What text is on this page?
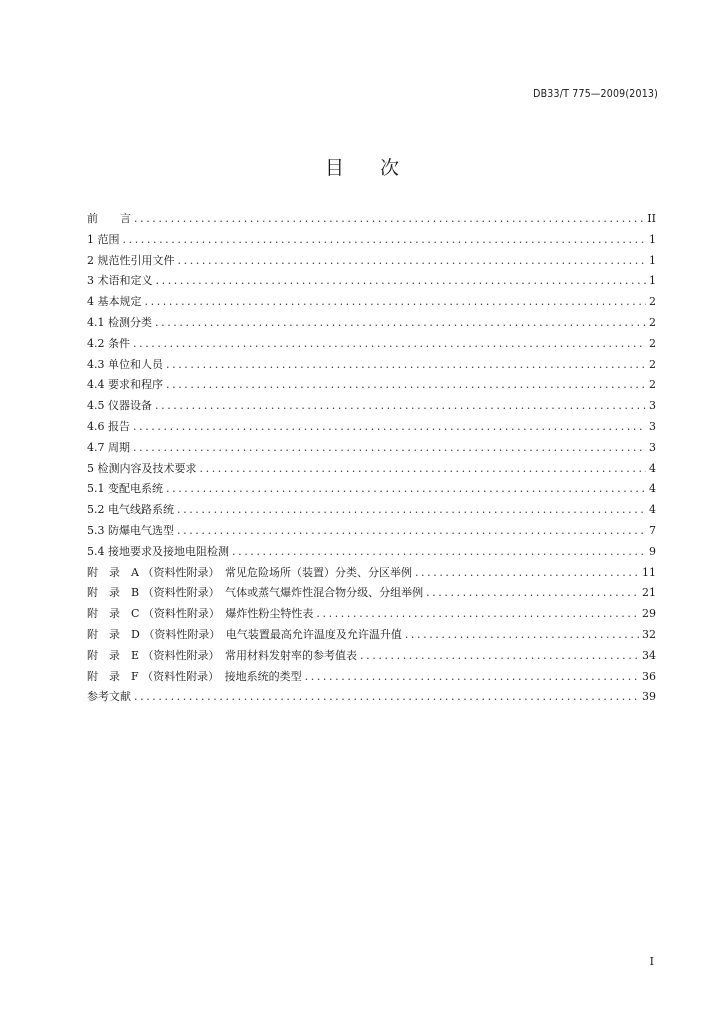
DB33/T 775—2009(2013)
目 次
前　　言 .....	II
1 范围 .....	1
2 规范性引用文件 .....	1
3 术语和定义 .....	1
4 基本规定 .....	2
4.1 检测分类 .....	2
4.2 条件 .....	2
4.3 单位和人员 .....	2
4.4 要求和程序 .....	2
4.5 仪器设备 .....	3
4.6 报告 .....	3
4.7 周期 .....	3
5 检测内容及技术要求 .....	4
5.1 变配电系统 .....	4
5.2 电气线路系统 .....	4
5.3 防爆电气选型 .....	7
5.4 接地要求及接地电阻检测 .....	9
附　录　A （资料性附录）　常见危险场所（装置）分类、分区举例 .....	11
附　录　B （资料性附录）　气体或蒸气爆炸性混合物分级、分组举例 .....	21
附　录　C （资料性附录）　爆炸性粉尘特性表 .....	29
附　录　D （资料性附录）　电气装置最高允许温度及允许温升值 .....	32
附　录　E （资料性附录）　常用材料发射率的参考值表 .....	34
附　录　F （资料性附录）　接地系统的类型 .....	36
参考文献 .....	39
I
